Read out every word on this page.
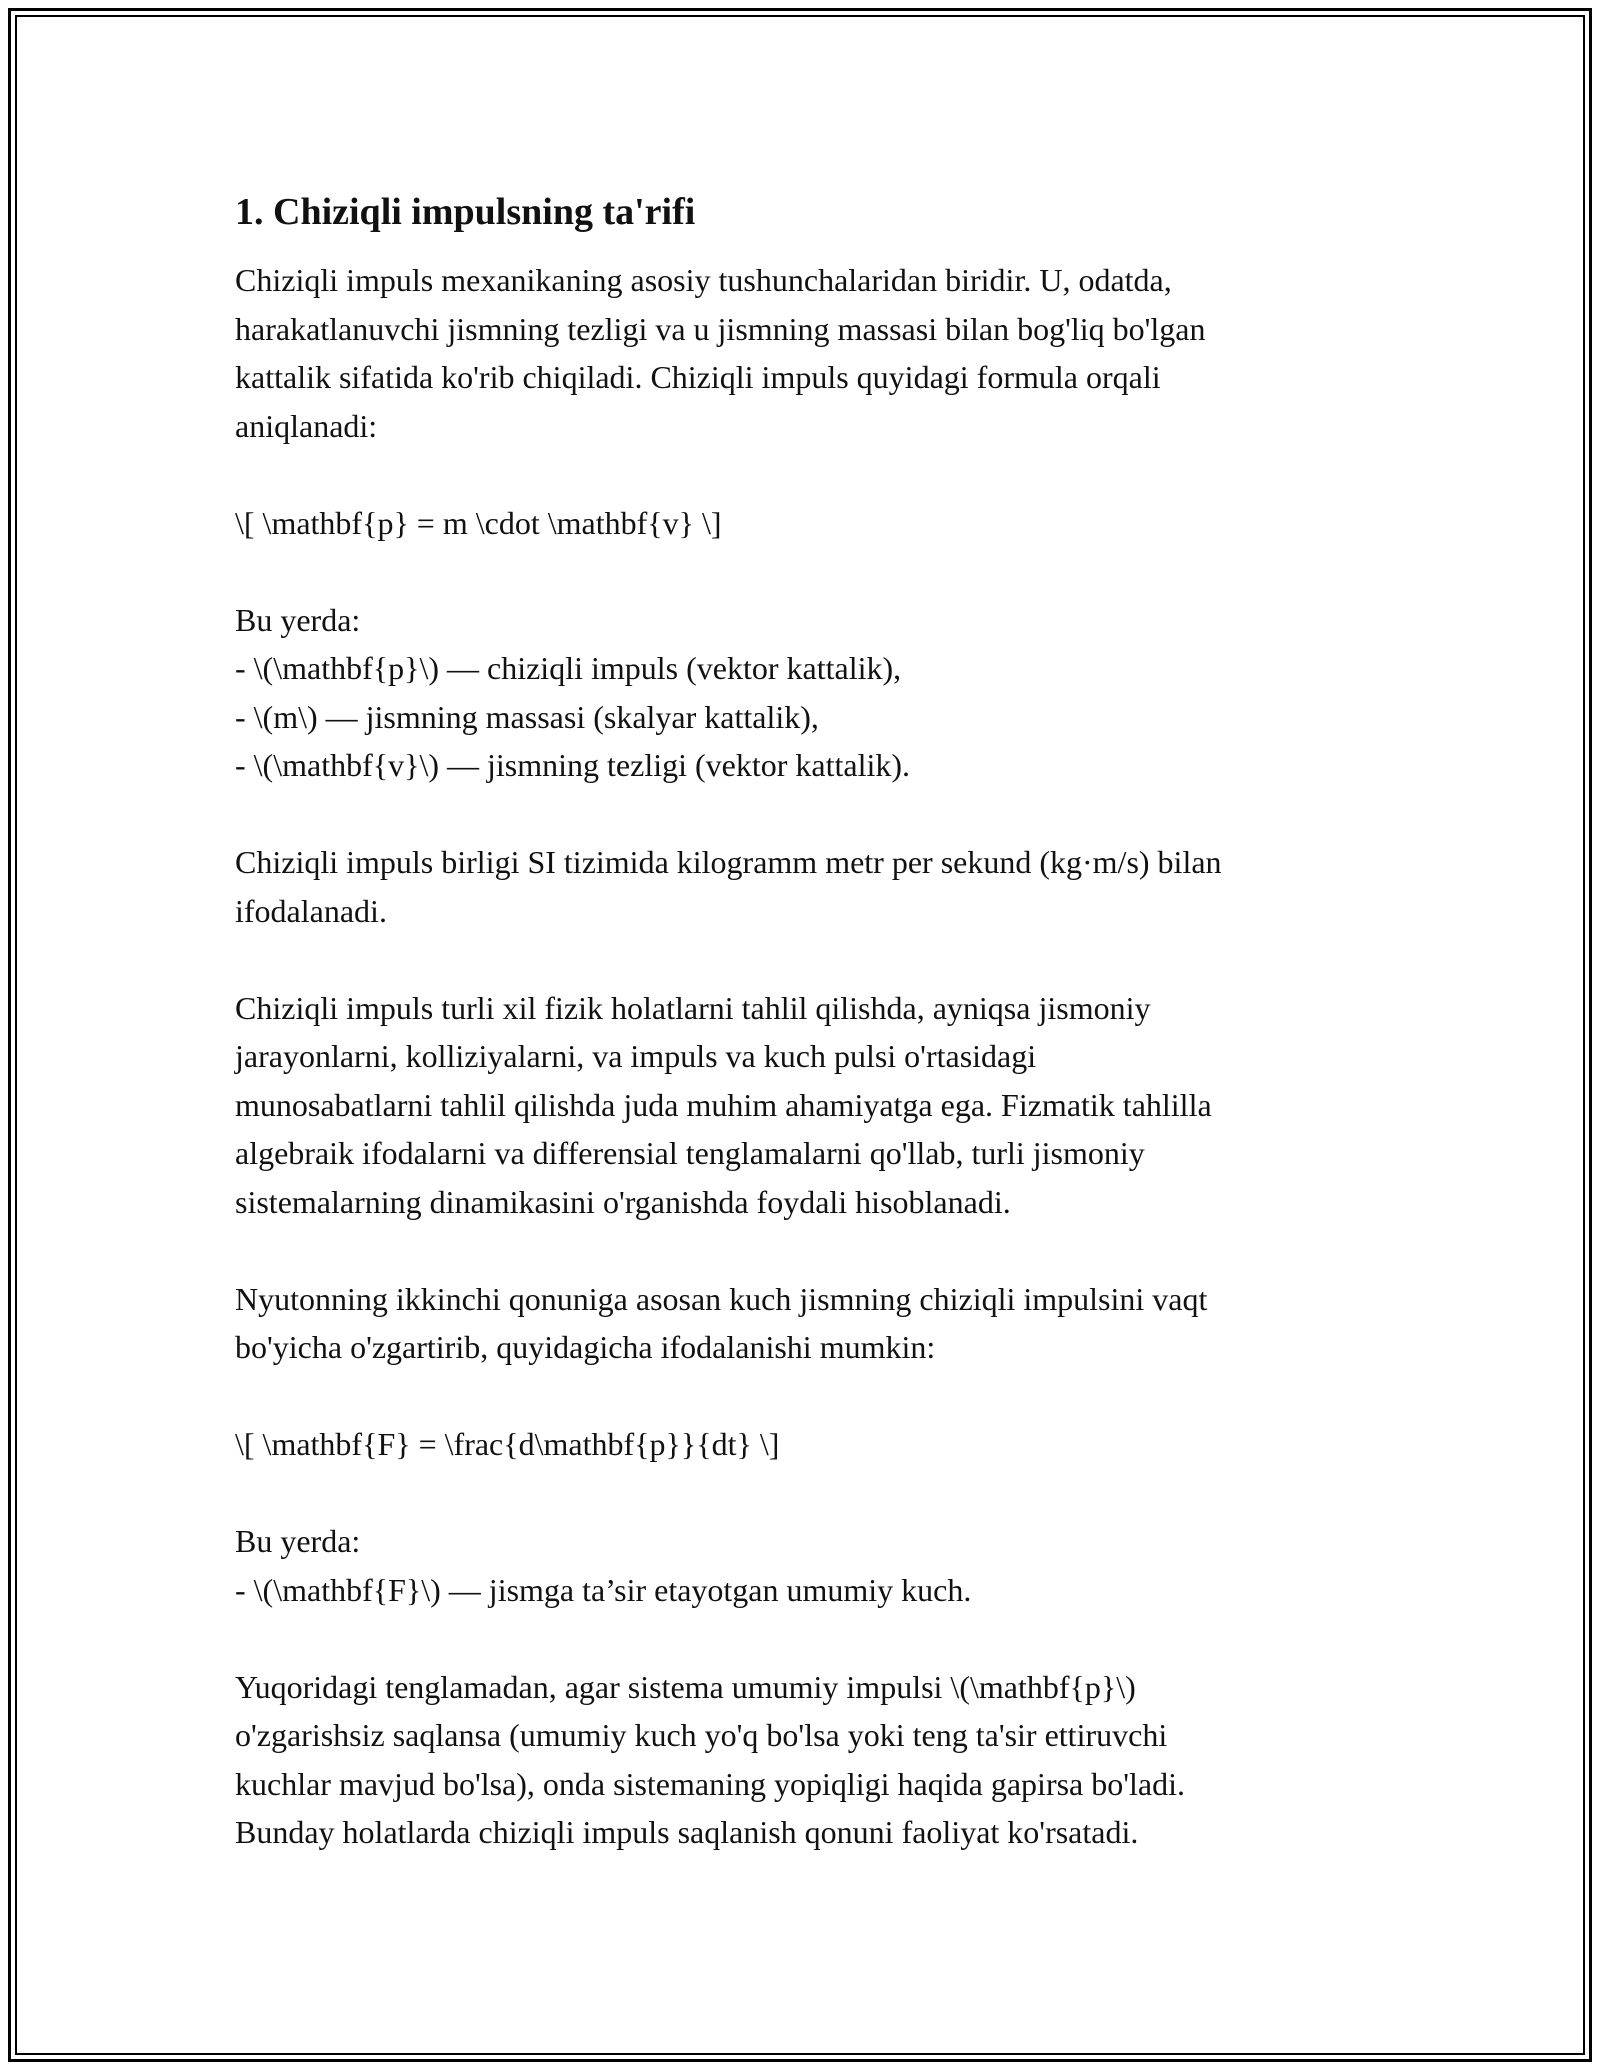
1. Chiziqli impulsning ta'rifi
Chiziqli impuls mexanikaning asosiy tushunchalaridan biridir. U, odatda,
harakatlanuvchi jismning tezligi va u jismning massasi bilan bog'liq bo'lgan
kattalik sifatida ko'rib chiqiladi. Chiziqli impuls quyidagi formula orqali
aniqlanadi:
\[ \mathbf{p} = m \cdot \mathbf{v} \]
Bu yerda:
- \(\mathbf{p}\) — chiziqli impuls (vektor kattalik),
- \(m\) — jismning massasi (skalyar kattalik),
- \(\mathbf{v}\) — jismning tezligi (vektor kattalik).
Chiziqli impuls birligi SI tizimida kilogramm metr per sekund (kg·m/s) bilan
ifodalanadi.
Chiziqli impuls turli xil fizik holatlarni tahlil qilishda, ayniqsa jismoniy
jarayonlarni, kolliziyalarni, va impuls va kuch pulsi o'rtasidagi
munosabatlarni tahlil qilishda juda muhim ahamiyatga ega. Fizmatik tahlilla
algebraik ifodalarni va differensial tenglamalarni qo'llab, turli jismoniy
sistemalarning dinamikasini o'rganishda foydali hisoblanadi.
Nyutonning ikkinchi qonuniga asosan kuch jismning chiziqli impulsini vaqt
bo'yicha o'zgartirib, quyidagicha ifodalanishi mumkin:
\[ \mathbf{F} = \frac{d\mathbf{p}}{dt} \]
Bu yerda:
- \(\mathbf{F}\) — jismga ta’sir etayotgan umumiy kuch.
Yuqoridagi tenglamadan, agar sistema umumiy impulsi \(\mathbf{p}\)
o'zgarishsiz saqlansa (umumiy kuch yo'q bo'lsa yoki teng ta'sir ettiruvchi
kuchlar mavjud bo'lsa), onda sistemaning yopiqligi haqida gapirsa bo'ladi.
Bunday holatlarda chiziqli impuls saqlanish qonuni faoliyat ko'rsatadi.
